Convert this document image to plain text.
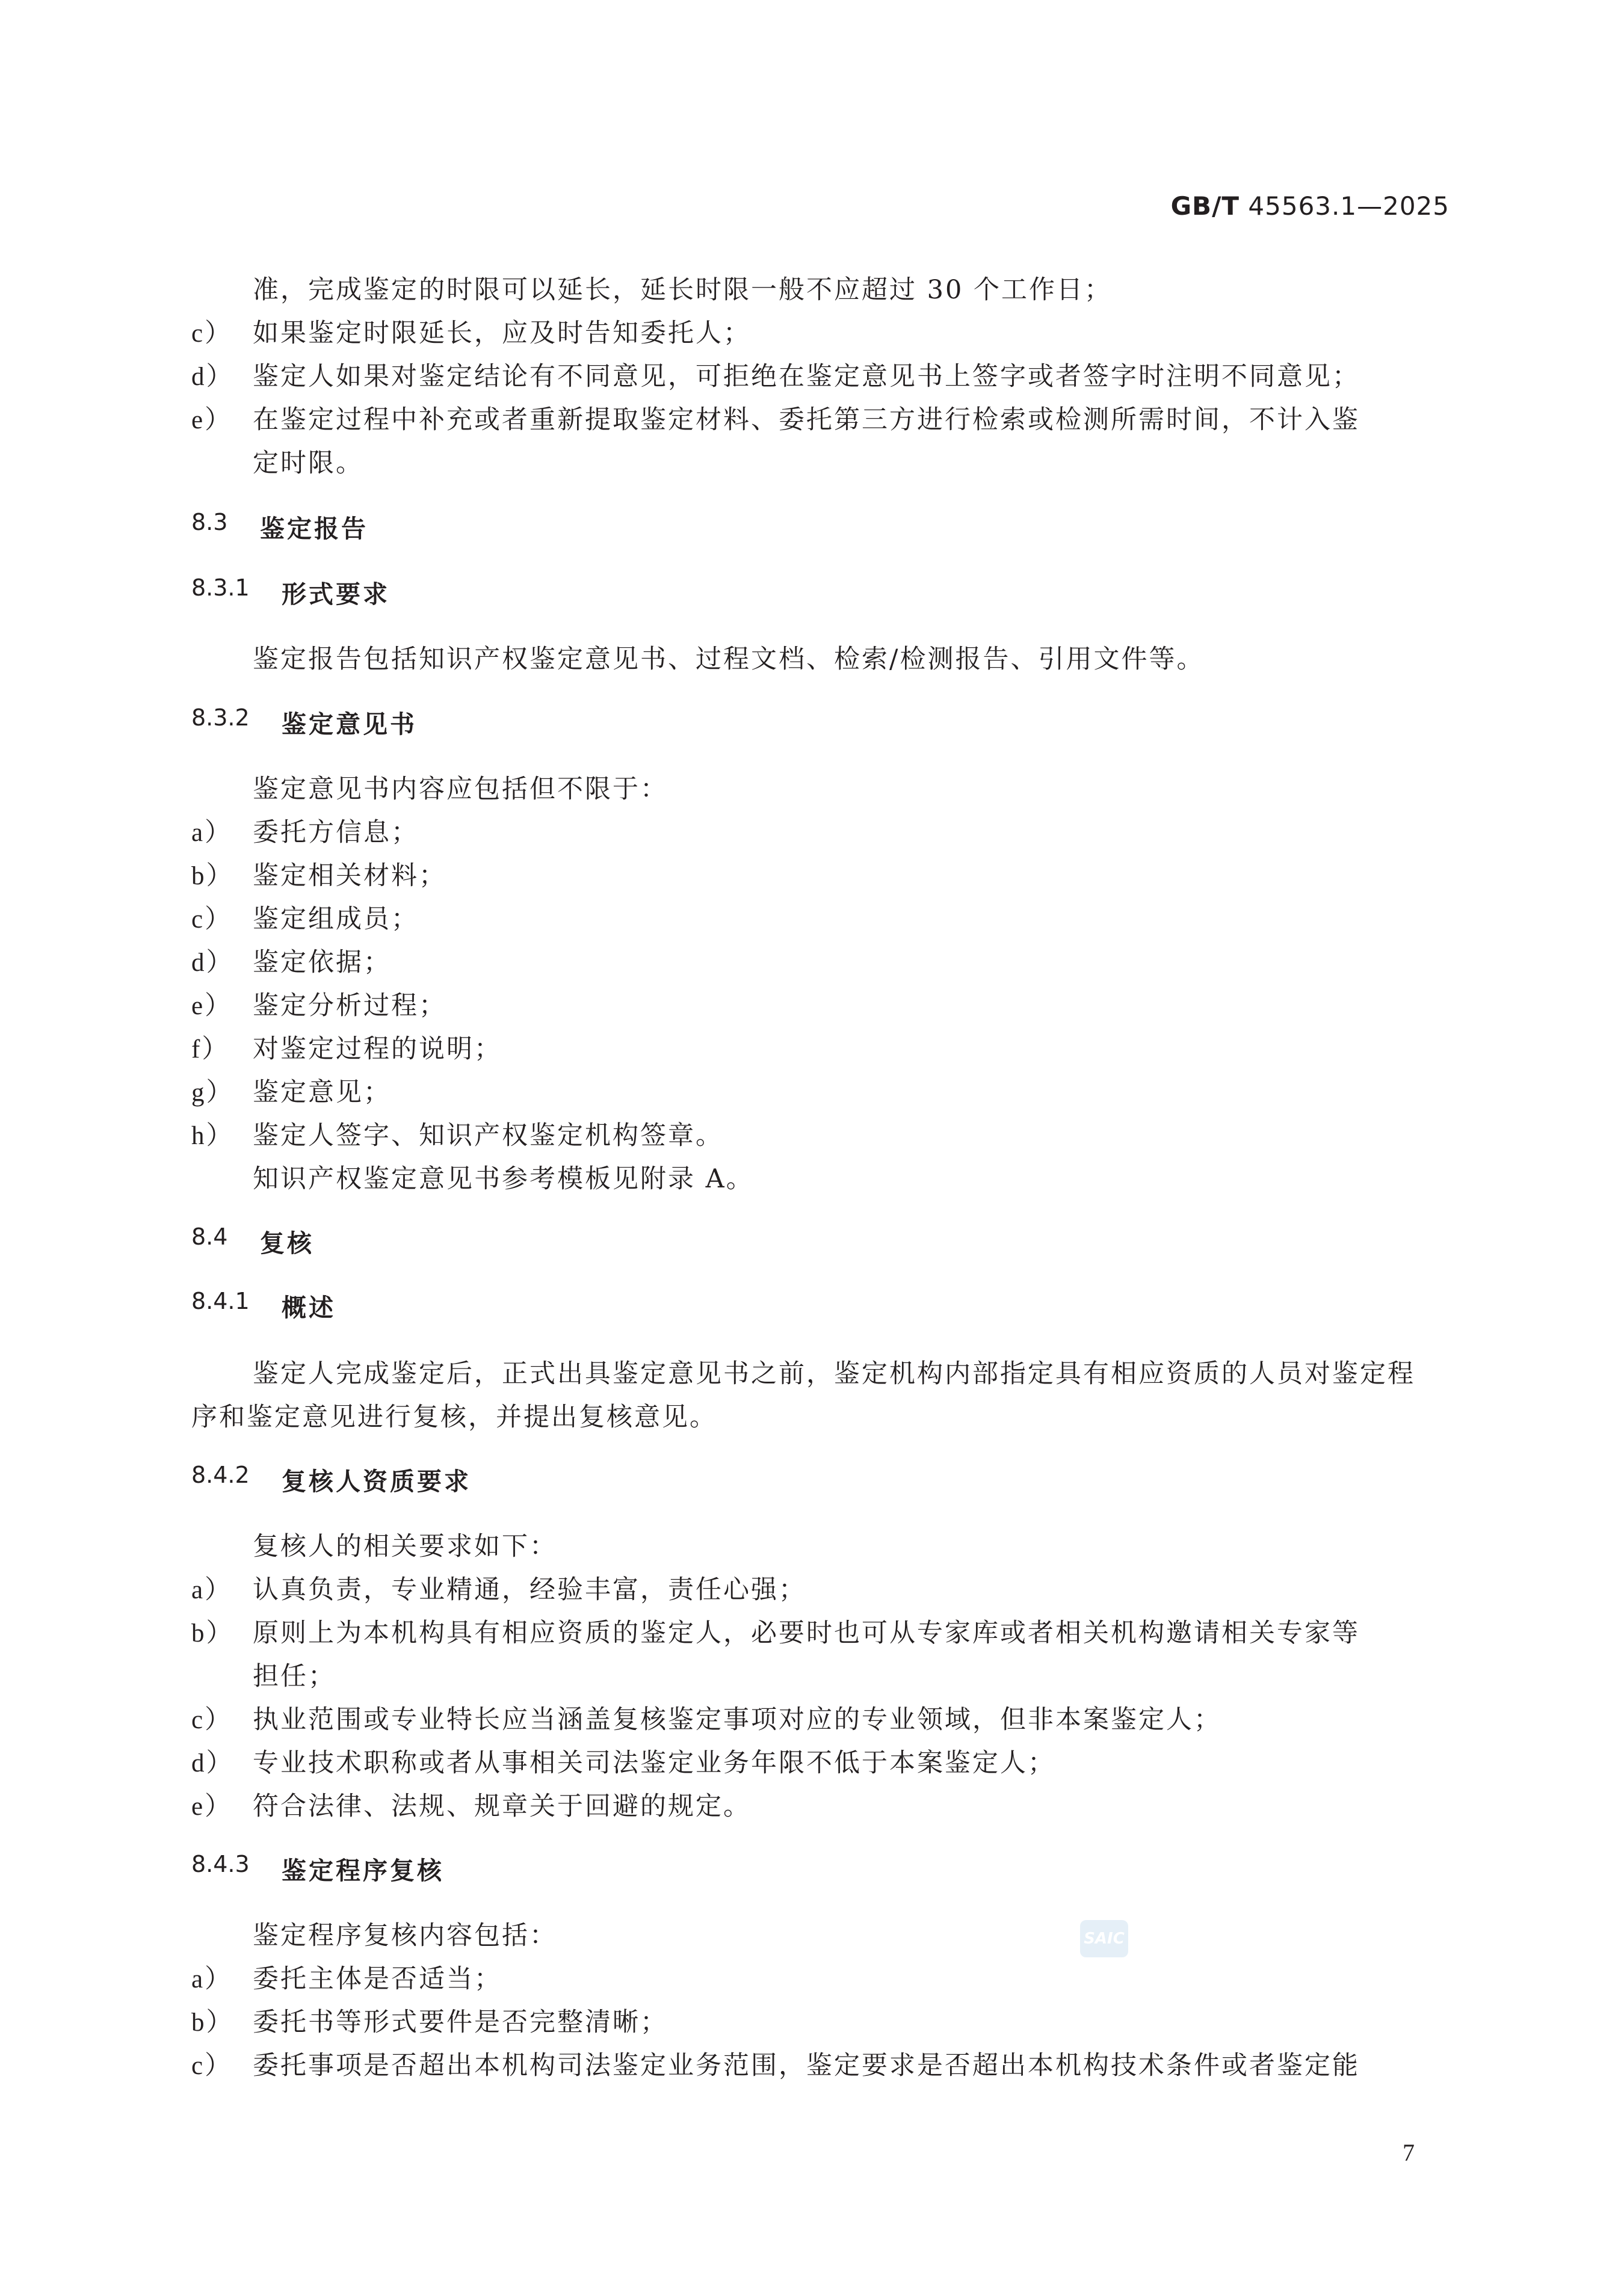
GB/T 45563.1—2025
准，完成鉴定的时限可以延长，延长时限一般不应超过 30 个工作日；
c） 如果鉴定时限延长，应及时告知委托人；
d） 鉴定人如果对鉴定结论有不同意见，可拒绝在鉴定意见书上签字或者签字时注明不同意见；
e） 在鉴定过程中补充或者重新提取鉴定材料、委托第三方进行检索或检测所需时间，不计入鉴
定时限。
8.3 鉴定报告
8.3.1 形式要求
鉴定报告包括知识产权鉴定意见书、过程文档、检索/检测报告、引用文件等。
8.3.2 鉴定意见书
鉴定意见书内容应包括但不限于：
a） 委托方信息；
b） 鉴定相关材料；
c） 鉴定组成员；
d） 鉴定依据；
e） 鉴定分析过程；
f） 对鉴定过程的说明；
g） 鉴定意见；
h） 鉴定人签字、知识产权鉴定机构签章。
知识产权鉴定意见书参考模板见附录 A。
8.4 复核
8.4.1 概述
鉴定人完成鉴定后，正式出具鉴定意见书之前，鉴定机构内部指定具有相应资质的人员对鉴定程
序和鉴定意见进行复核，并提出复核意见。
8.4.2 复核人资质要求
复核人的相关要求如下：
a） 认真负责，专业精通，经验丰富，责任心强；
b） 原则上为本机构具有相应资质的鉴定人，必要时也可从专家库或者相关机构邀请相关专家等
担任；
c） 执业范围或专业特长应当涵盖复核鉴定事项对应的专业领域，但非本案鉴定人；
d） 专业技术职称或者从事相关司法鉴定业务年限不低于本案鉴定人；
e） 符合法律、法规、规章关于回避的规定。
8.4.3 鉴定程序复核
鉴定程序复核内容包括：
a） 委托主体是否适当；
b） 委托书等形式要件是否完整清晰；
c） 委托事项是否超出本机构司法鉴定业务范围，鉴定要求是否超出本机构技术条件或者鉴定能
SAIC
7
